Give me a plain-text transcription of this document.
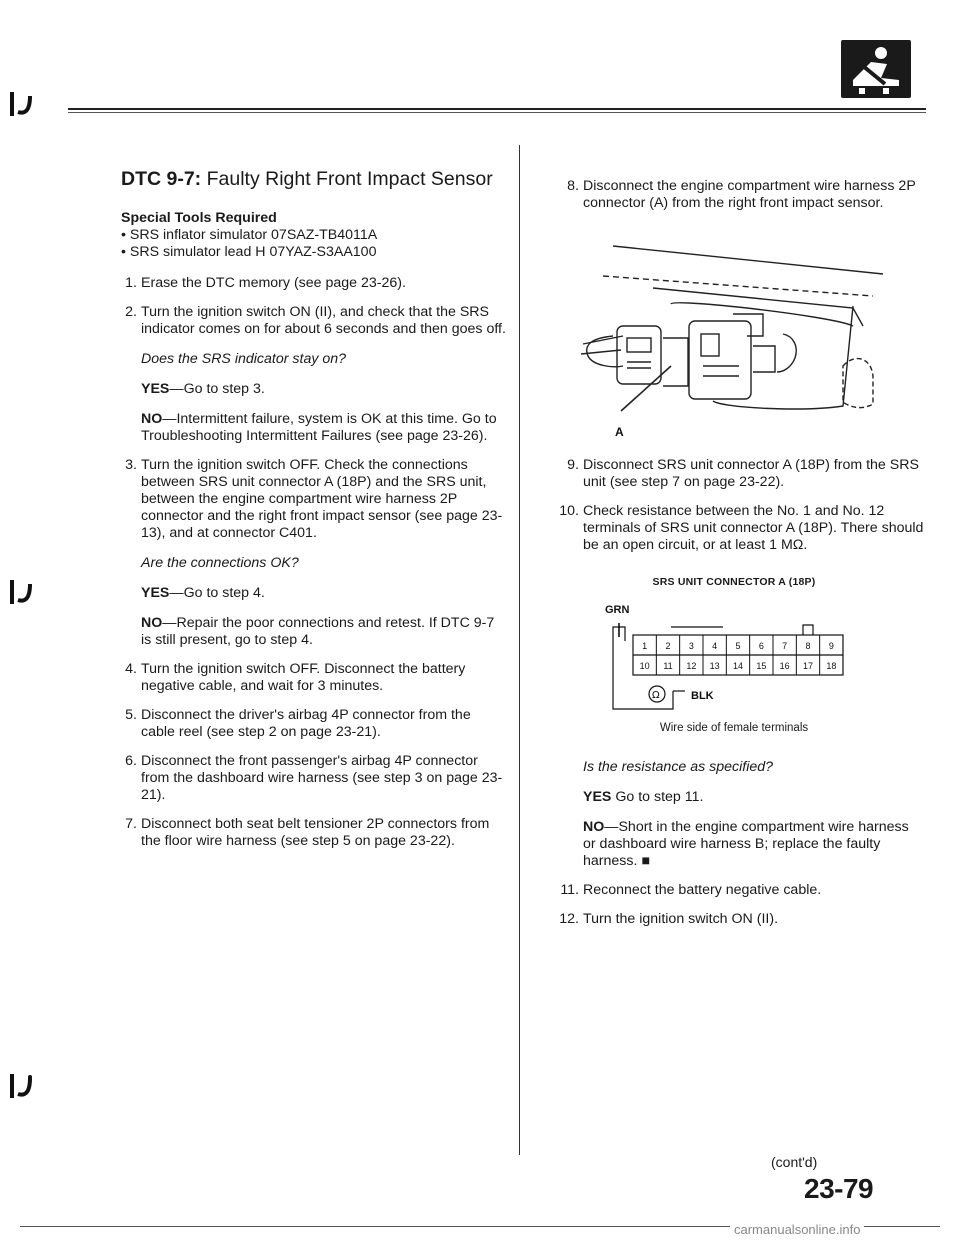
DTC 9-7: Faulty Right Front Impact Sensor

Special Tools Required

• SRS inflator simulator 07SAZ-TB4011A

• SRS simulator lead H 07YAZ-S3AA100

1. Erase the DTC memory (see page 23-26).
2. Turn the ignition switch ON (II), and check that the SRS indicator comes on for about 6 seconds and then goes off.

Does the SRS indicator stay on?

YES—Go to step 3.

NO—Intermittent failure, system is OK at this time. Go to Troubleshooting Intermittent Failures (see page 23-26).

3. Turn the ignition switch OFF. Check the connections between SRS unit connector A (18P) and the SRS unit, between the engine compartment wire harness 2P connector and the right front impact sensor (see page 23-13), and at connector C401.

Are the connections OK?

YES—Go to step 4.

NO—Repair the poor connections and retest. If DTC 9-7 is still present, go to step 4.

4. Turn the ignition switch OFF. Disconnect the battery negative cable, and wait for 3 minutes.
5. Disconnect the driver's airbag 4P connector from the cable reel (see step 2 on page 23-21).
6. Disconnect the front passenger's airbag 4P connector from the dashboard wire harness (see step 3 on page 23-21).
7. Disconnect both seat belt tensioner 2P connectors from the floor wire harness (see step 5 on page 23-22).
8. Disconnect the engine compartment wire harness 2P connector (A) from the right front impact sensor.
A
9. Disconnect SRS unit connector A (18P) from the SRS unit (see step 7 on page 23-22).
10. Check resistance between the No. 1 and No. 12 terminals of SRS unit connector A (18P). There should be an open circuit, or at least 1 MΩ.

SRS UNIT CONNECTOR A (18P)

GRN
BLK
1 2 3 4 5 6 7 8 9
10 11 12 13 14 15 16 17 18
Ω

Wire side of female terminals

Is the resistance as specified?

YES Go to step 11.

NO—Short in the engine compartment wire harness or dashboard wire harness B; replace the faulty harness. ■

11. Reconnect the battery negative cable.
12. Turn the ignition switch ON (II).
(cont'd)
23-79
carmanualsonline.info
